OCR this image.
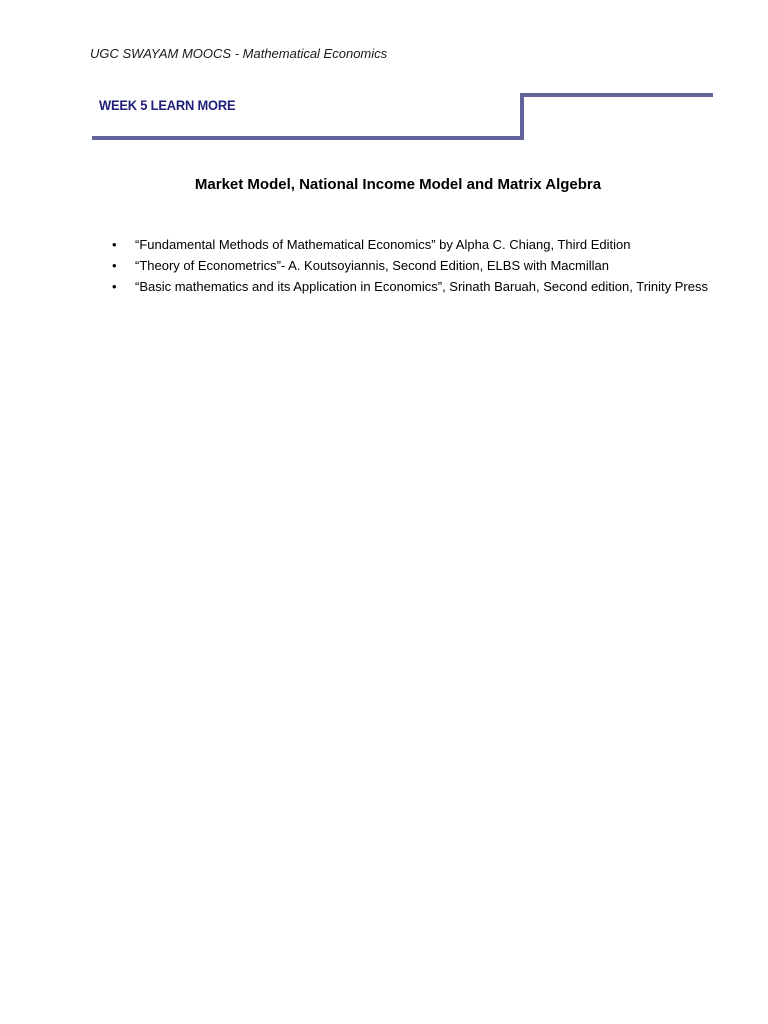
UGC SWAYAM MOOCS - Mathematical Economics
WEEK 5 LEARN MORE
Market Model, National Income Model and Matrix Algebra
• “Fundamental Methods of Mathematical Economics” by Alpha C. Chiang, Third Edition
• “Theory of Econometrics”- A. Koutsoyiannis, Second Edition, ELBS with Macmillan
• “Basic mathematics and its Application in Economics”, Srinath Baruah, Second edition, Trinity Press
